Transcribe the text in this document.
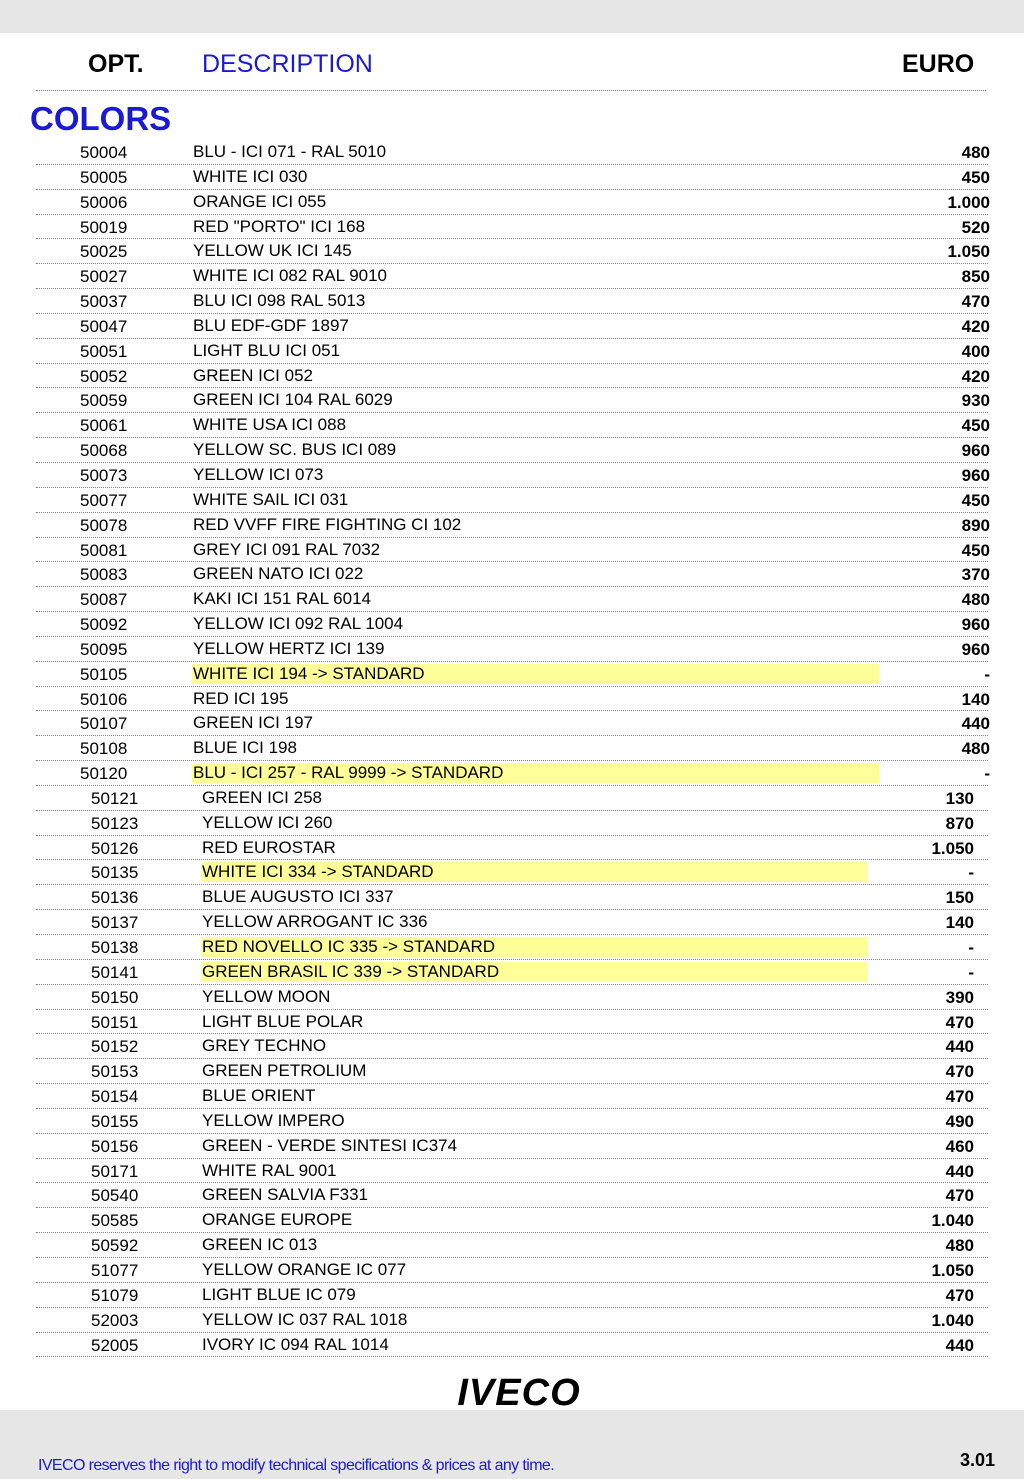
OPT. DESCRIPTION	EURO
COLORS
50004	BLU - ICI 071 - RAL 5010	480
50005	WHITE ICI 030	450
50006	ORANGE ICI 055	1.000
50019	RED "PORTO" ICI 168	520
50025	YELLOW UK ICI 145	1.050
50027	WHITE ICI 082 RAL 9010	850
50037	BLU ICI 098 RAL 5013	470
50047	BLU EDF-GDF 1897	420
50051	LIGHT BLU ICI 051	400
50052	GREEN ICI 052	420
50059	GREEN ICI 104 RAL 6029	930
50061	WHITE USA ICI 088	450
50068	YELLOW SC. BUS ICI 089	960
50073	YELLOW ICI 073	960
50077	WHITE SAIL ICI 031	450
50078	RED VVFF FIRE FIGHTING CI 102	890
50081	GREY ICI 091 RAL 7032	450
50083	GREEN NATO ICI 022	370
50087	KAKI ICI 151 RAL 6014	480
50092	YELLOW ICI 092 RAL 1004	960
50095	YELLOW HERTZ ICI 139	960
50105	WHITE ICI 194 -> STANDARD	-
50106	RED ICI 195	140
50107	GREEN ICI 197	440
50108	BLUE ICI 198	480
50120	BLU - ICI 257 - RAL 9999 -> STANDARD	-
50121	GREEN ICI 258	130
50123	YELLOW ICI 260	870
50126	RED EUROSTAR	1.050
50135	WHITE ICI 334 -> STANDARD	-
50136	BLUE AUGUSTO ICI 337	150
50137	YELLOW ARROGANT IC 336	140
50138	RED NOVELLO IC 335 -> STANDARD	-
50141	GREEN BRASIL IC 339 -> STANDARD	-
50150	YELLOW MOON	390
50151	LIGHT BLUE POLAR	470
50152	GREY TECHNO	440
50153	GREEN PETROLIUM	470
50154	BLUE ORIENT	470
50155	YELLOW IMPERO	490
50156	GREEN - VERDE SINTESI IC374	460
50171	WHITE RAL 9001	440
50540	GREEN SALVIA F331	470
50585	ORANGE EUROPE	1.040
50592	GREEN IC 013	480
51077	YELLOW ORANGE IC 077	1.050
51079	LIGHT BLUE IC 079	470
52003	YELLOW IC 037 RAL 1018	1.040
52005	IVORY IC 094 RAL 1014	440
IVECO
IVECO reserves the right to modify technical specifications & prices at any time.	3.01
